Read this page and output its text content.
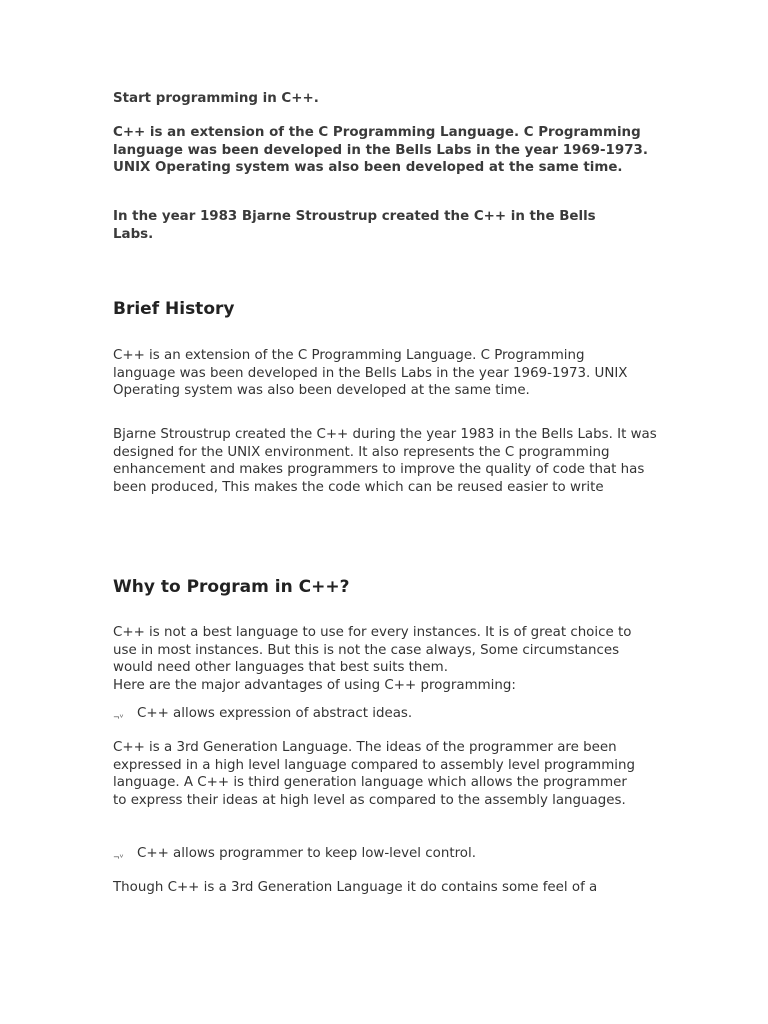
Start programming in C++.

C++ is an extension of the C Programming Language. C Programming language was been developed in the Bells Labs in the year 1969-1973. UNIX Operating system was also been developed at the same time.

In the year 1983 Bjarne Stroustrup created the C++ in the Bells Labs.

Brief History

C++ is an extension of the C Programming Language. C Programming language was been developed in the Bells Labs in the year 1969-1973. UNIX Operating system was also been developed at the same time.

Bjarne Stroustrup created the C++ during the year 1983 in the Bells Labs. It was designed for the UNIX environment. It also represents the C programming enhancement and makes programmers to improve the quality of code that has been produced, This makes the code which can be reused easier to write

Why to Program in C++?

C++ is not a best language to use for every instances. It is of great choice to use in most instances. But this is not the case always, Some circumstances would need other languages that best suits them.

Here are the major advantages of using C++ programming:

¬ⱽ	C++ allows expression of abstract ideas.

C++ is a 3rd Generation Language. The ideas of the programmer are been expressed in a high level language compared to assembly level programming language. A C++ is third generation language which allows the programmer to express their ideas at high level as compared to the assembly languages.

¬ⱽ	C++ allows programmer to keep low-level control.

Though C++ is a 3rd Generation Language it do contains some feel of a
